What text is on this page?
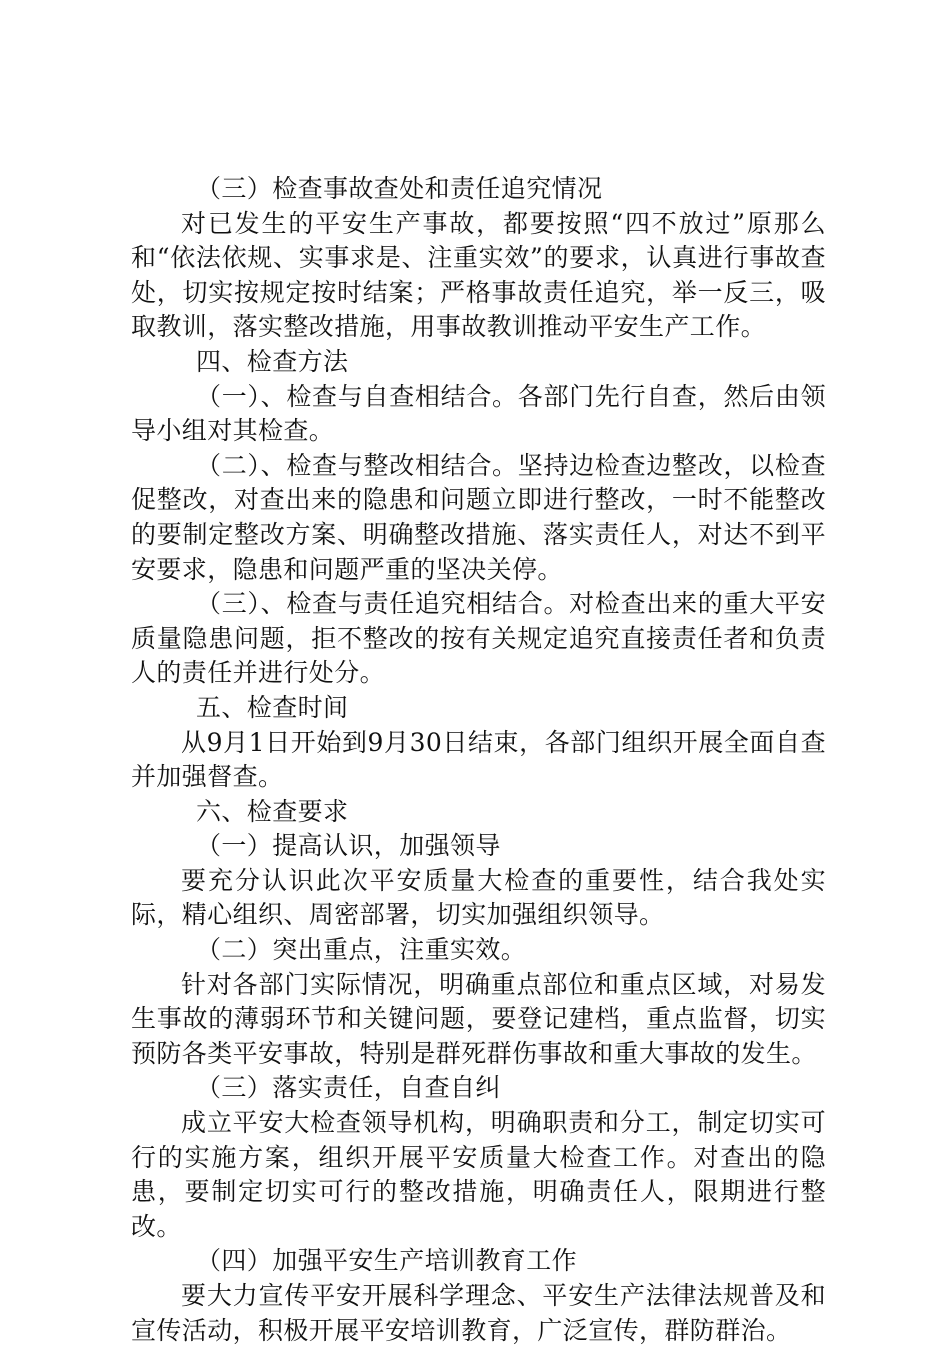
（三）检查事故查处和责任追究情况

对已发生的平安生产事故，都要按照“四不放过”原那么和“依法依规、实事求是、注重实效”的要求，认真进行事故查处，切实按规定按时结案；严格事故责任追究，举一反三，吸取教训，落实整改措施，用事故教训推动平安生产工作。

四、检查方法

（一）、检查与自查相结合。各部门先行自查，然后由领导小组对其检查。

（二）、检查与整改相结合。坚持边检查边整改，以检查促整改，对查出来的隐患和问题立即进行整改，一时不能整改的要制定整改方案、明确整改措施、落实责任人，对达不到平安要求，隐患和问题严重的坚决关停。

（三）、检查与责任追究相结合。对检查出来的重大平安质量隐患问题，拒不整改的按有关规定追究直接责任者和负责人的责任并进行处分。

五、检查时间

从9月1日开始到9月30日结束，各部门组织开展全面自查并加强督查。

六、检查要求

（一）提高认识，加强领导

要充分认识此次平安质量大检查的重要性，结合我处实际，精心组织、周密部署，切实加强组织领导。

（二）突出重点，注重实效。

针对各部门实际情况，明确重点部位和重点区域，对易发生事故的薄弱环节和关键问题，要登记建档，重点监督，切实预防各类平安事故，特别是群死群伤事故和重大事故的发生。

（三）落实责任，自查自纠

成立平安大检查领导机构，明确职责和分工，制定切实可行的实施方案，组织开展平安质量大检查工作。对查出的隐患，要制定切实可行的整改措施，明确责任人，限期进行整改。

（四）加强平安生产培训教育工作

要大力宣传平安开展科学理念、平安生产法律法规普及和宣传活动，积极开展平安培训教育，广泛宣传，群防群治。
